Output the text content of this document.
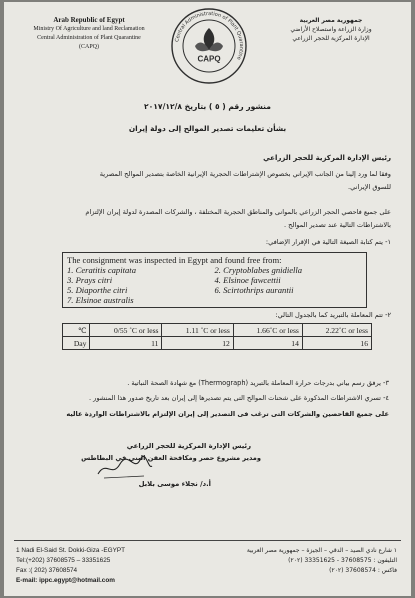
Arab Republic of Egypt
Ministry Of Agriculture and land Reclamation
Central Administration of Plant Quarantine
(CAPQ)
Central Administration of Plant Quarantine
CAPQ
جمهورية مصر العربية
وزارة الزراعة واستصلاح الأراضي
الإدارة المركزية للحجر الزراعي
منشور رقم ( ٥ ) بتاريخ ٢٠١٧/١٢/٨
بشأن تعليمات تصدير الموالح إلى دولة إيران
رئيس الإدارة المركزية للحجر الزراعي
وفقا لما ورد إلينا من الجانب الإيراني بخصوص الإشتراطات الحجرية الإيرانية الخاصة بتصدير الموالح المصرية
للسوق الإيراني.
على جميع فاحصي الحجر الزراعي بالموانى والمناطق الحجرية المختلفة ، والشركات المصدرة لدولة إيران الإلتزام
بالاشتراطات التالية عند تصدير الموالح .
١- يتم كتابة الصيغة التالية في الإقرار الإضافي:
The consignment was inspected in Egypt and found free from:
1. Ceratitis capitata	2. Cryptoblabes gnidiella
3. Prays citri	4. Elsinoe fawcettii
5. Diaporthe citri	6. Scirtothrips aurantii
7. Elsinoe australis
٢- تتم المعاملة بالتبريد كما بالجدول التالي:
℃	0/55 ˚C or less	1.11 ˚C or less	1.66˚C or less	2.22˚C or less
Day	11	12	14	16
٣- يرفق رسم بياني بدرجات حرارة المعاملة بالتبريد (Thermograph) مع شهادة الصحة النباتية .
٤- تسري الاشتراطات المذكورة على شحنات الموالح التى يتم تصديرها إلى إيران بعد تاريخ صدور هذا المنشور .
على جميع الفاحصين والشركات التى ترغب فى التصدير إلى إيران الإلتزام بالاشتراطات الواردة عاليه
رئيس الإدارة المركزية للحجر الزراعي
ومدير مشروع حصر ومكافحة العفن البني في البطاطس
أ.د/ نجلاء موسى بلابل
1 Nadi El-Said St. Dokki-Giza -EGYPT
Tel:(+202) 37608575 – 33351625
Fax :( 202) 37608574
E-mail: ippc.egypt@hotmail.com
١ شارع نادي الصيد – الدقي – الجيزة – جمهورية مصر العربية
التليفون : 37608575 - 33351625 (٢٠٢)
فاكس : 37608574 (٢٠٢)
